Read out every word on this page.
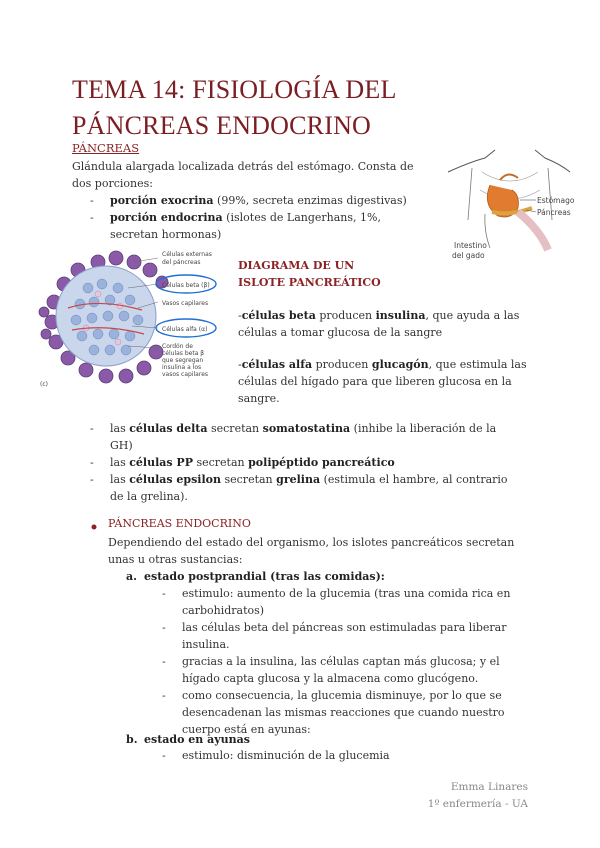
TEMA 14: FISIOLOGÍA DEL PÁNCREAS ENDOCRINO
PÁNCREAS
Glándula alargada localizada detrás del estómago. Consta de dos porciones:
- porción exocrina (99%, secreta enzimas digestivas)
- porción endocrina (islotes de Langerhans, 1%, secretan hormonas)
Estómago
Páncreas
Intestino
del gado
Células externas
del páncreas
Células beta (β)
Vasos capilares
Células alfa (α)
Cordón de
células beta β
que segregan
insulina a los
vasos capilares
(c)
DIAGRAMA DE UN ISLOTE PANCREÁTICO
-células beta producen insulina, que ayuda a las células a tomar glucosa de la sangre
-células alfa producen glucagón, que estimula las células del hígado para que liberen glucosa en la sangre.
- las células delta secretan somatostatina (inhibe la liberación de la GH)
- las células PP secretan polipéptido pancreático
- las células epsilon secretan grelina (estimula el hambre, al contrario de la grelina).
PÁNCREAS ENDOCRINO
Dependiendo del estado del organismo, los islotes pancreáticos secretan unas u otras sustancias:
a. estado postprandial (tras las comidas):
- estimulo: aumento de la glucemia (tras una comida rica en carbohidratos)
- las células beta del páncreas son estimuladas para liberar insulina.
- gracias a la insulina, las células captan más glucosa; y el hígado capta glucosa y la almacena como glucógeno.
- como consecuencia, la glucemia disminuye, por lo que se desencadenan las mismas reacciones que cuando nuestro cuerpo está en ayunas:
b. estado en ayunas
- estimulo: disminución de la glucemia
Emma Linares
1º enfermería - UA
